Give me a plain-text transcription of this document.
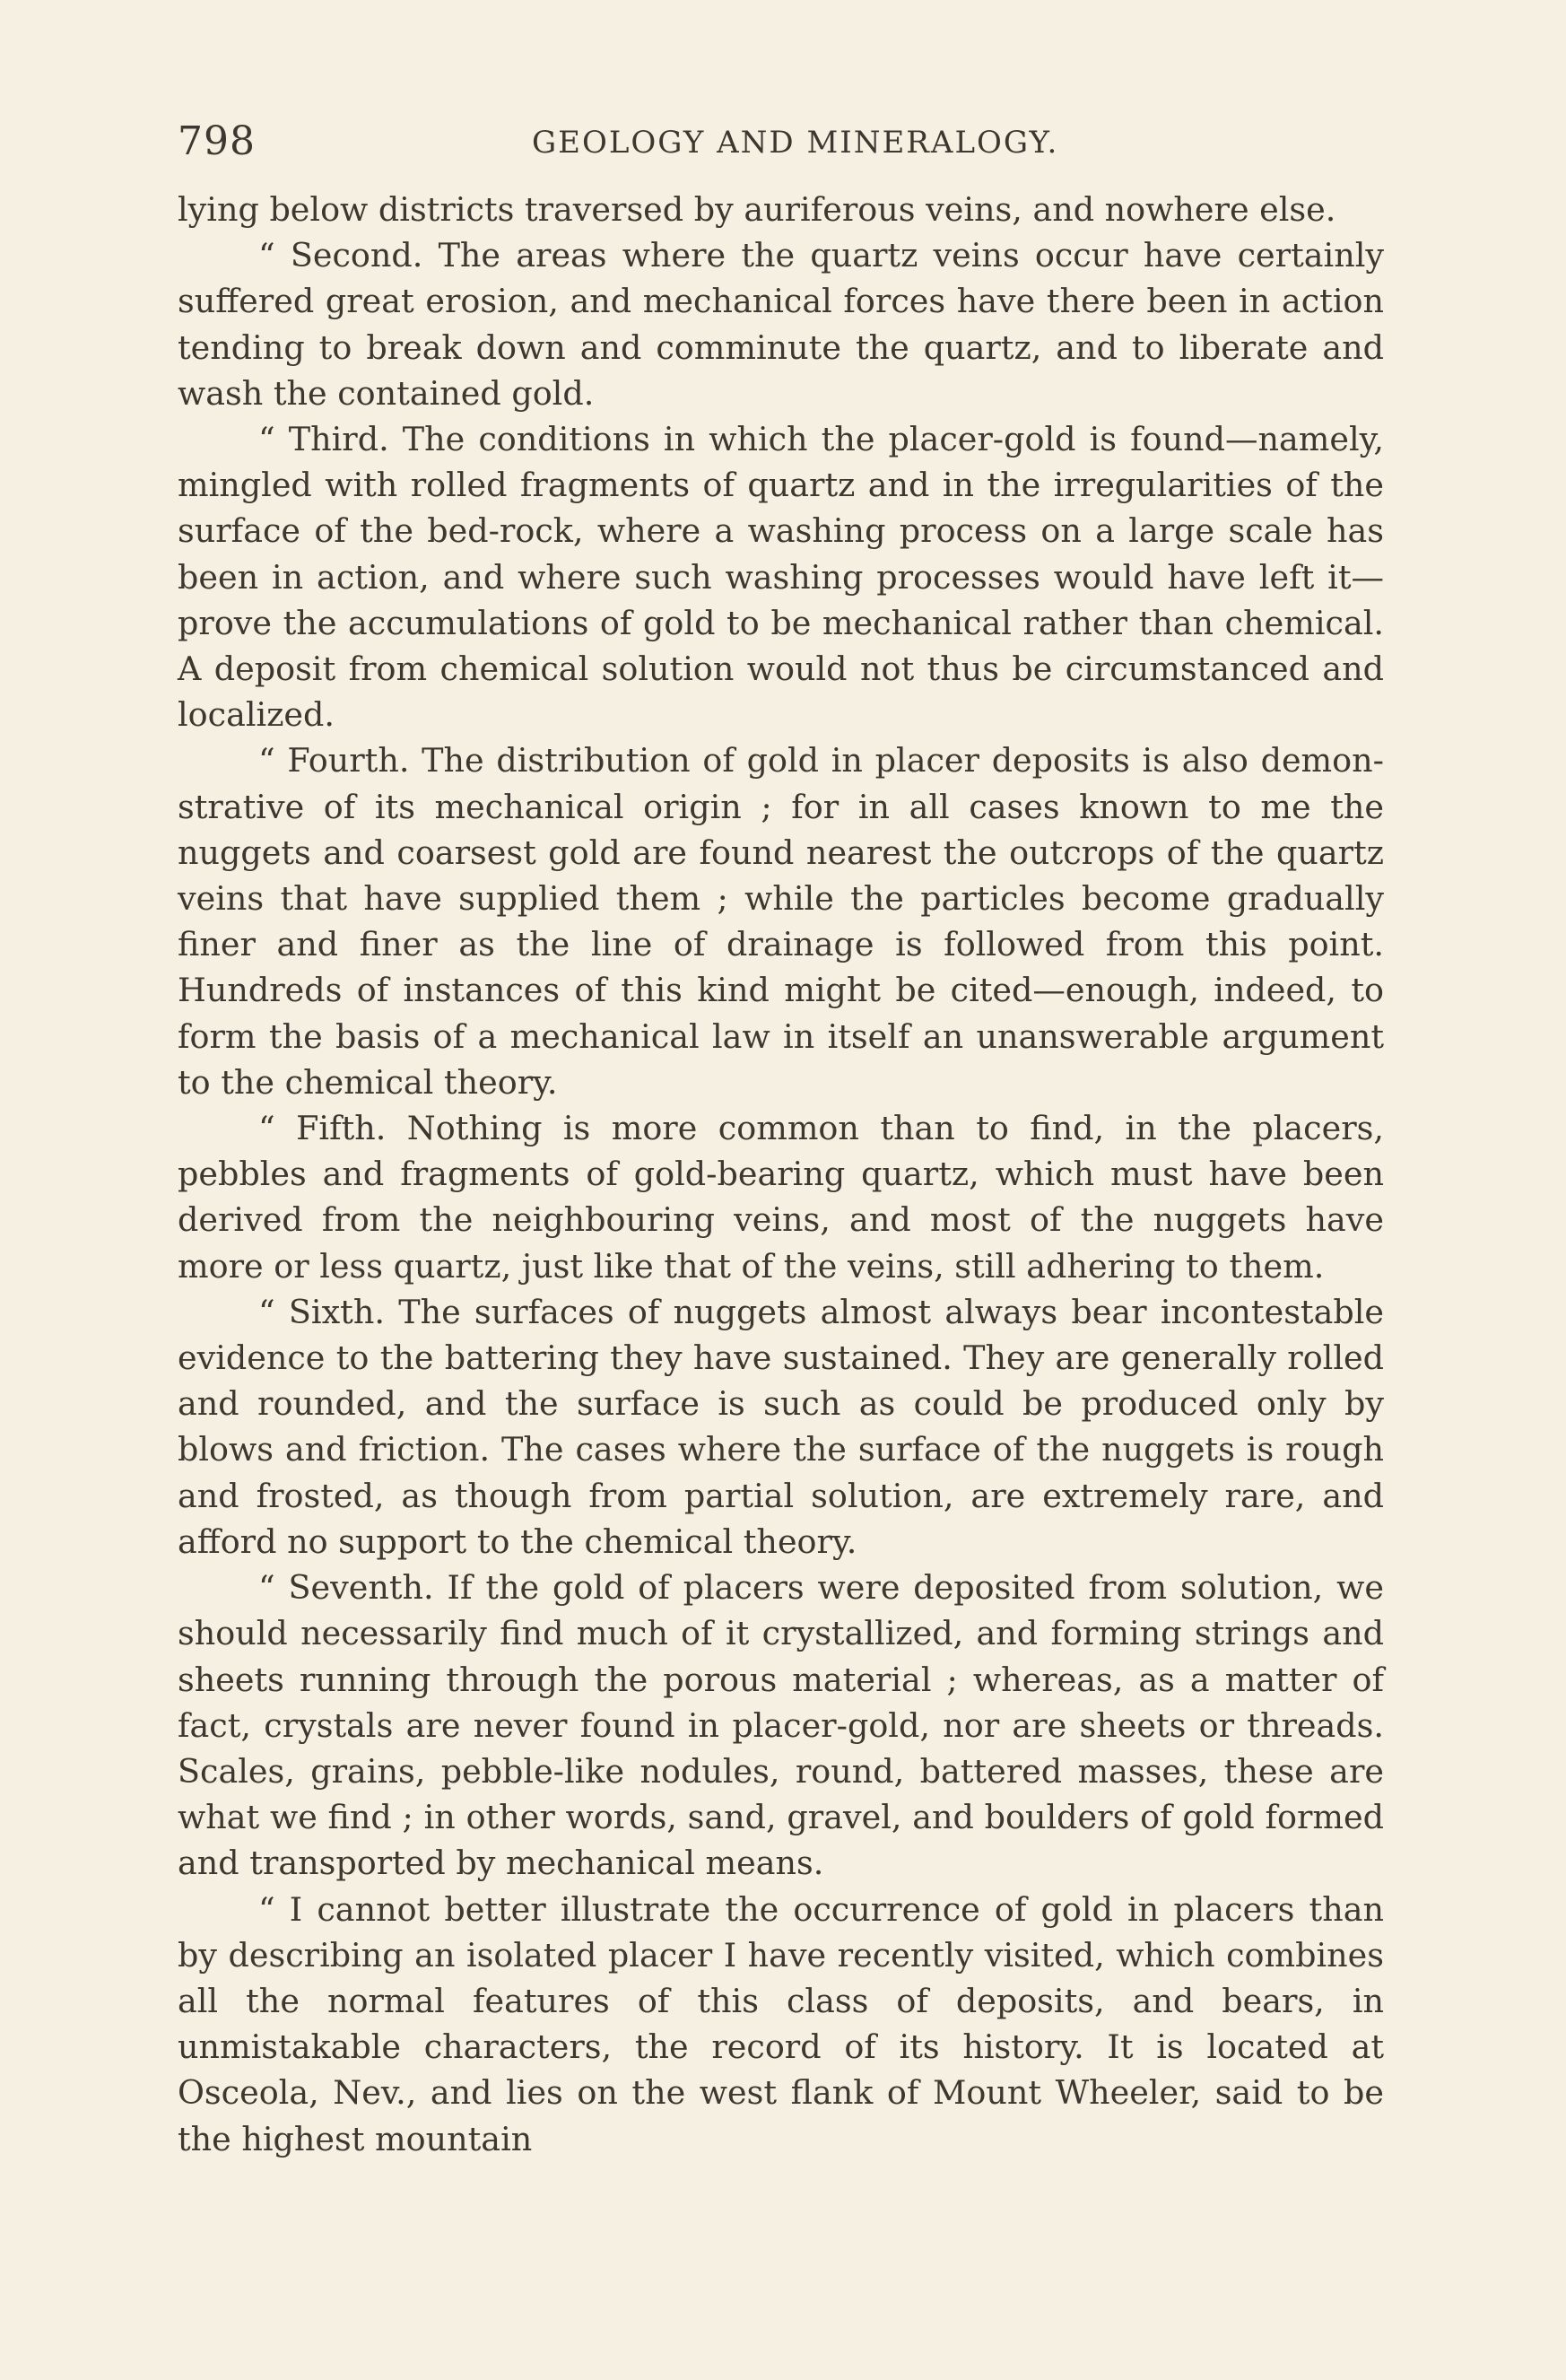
798	GEOLOGY AND MINERALOGY.

lying below districts traversed by auriferous veins, and nowhere else.

“ Second. The areas where the quartz veins occur have certainly suffered great erosion, and mechanical forces have there been in action tending to break down and comminute the quartz, and to liberate and wash the contained gold.

“ Third. The conditions in which the placer-gold is found—namely, mingled with rolled fragments of quartz and in the irregularities of the surface of the bed-rock, where a washing process on a large scale has been in action, and where such washing processes would have left it—prove the accumulations of gold to be mechanical rather than chemical. A deposit from chemical solution would not thus be circumstanced and localized.

“ Fourth. The distribution of gold in placer deposits is also demonstrative of its mechanical origin ; for in all cases known to me the nuggets and coarsest gold are found nearest the outcrops of the quartz veins that have supplied them ; while the particles become gradually finer and finer as the line of drainage is followed from this point. Hundreds of instances of this kind might be cited—enough, indeed, to form the basis of a mechanical law in itself an unanswerable argument to the chemical theory.

“ Fifth. Nothing is more common than to find, in the placers, pebbles and fragments of gold-bearing quartz, which must have been derived from the neighbouring veins, and most of the nuggets have more or less quartz, just like that of the veins, still adhering to them.

“ Sixth. The surfaces of nuggets almost always bear incontestable evidence to the battering they have sustained. They are generally rolled and rounded, and the surface is such as could be produced only by blows and friction. The cases where the surface of the nuggets is rough and frosted, as though from partial solution, are extremely rare, and afford no support to the chemical theory.

“ Seventh. If the gold of placers were deposited from solution, we should necessarily find much of it crystallized, and forming strings and sheets running through the porous material ; whereas, as a matter of fact, crystals are never found in placer-gold, nor are sheets or threads. Scales, grains, pebble-like nodules, round, battered masses, these are what we find ; in other words, sand, gravel, and boulders of gold formed and transported by mechanical means.

“ I cannot better illustrate the occurrence of gold in placers than by describing an isolated placer I have recently visited, which combines all the normal features of this class of deposits, and bears, in unmistakable characters, the record of its history. It is located at Osceola, Nev., and lies on the west flank of Mount Wheeler, said to be the highest mountain
